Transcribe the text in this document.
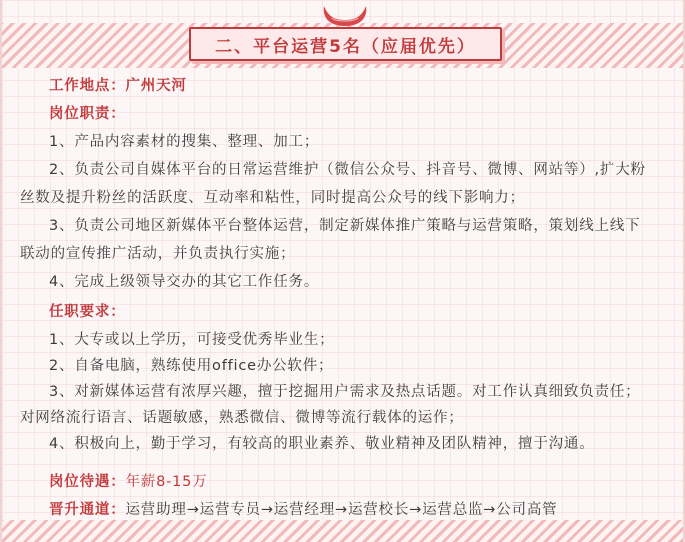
二、平台运营5名（应届优先）
工作地点：广州天河
岗位职责：
1、产品内容素材的搜集、整理、加工；
2、负责公司自媒体平台的日常运营维护（微信公众号、抖音号、微博、网站等）,扩大粉
丝数及提升粉丝的活跃度、互动率和粘性，同时提高公众号的线下影响力；
3、负责公司地区新媒体平台整体运营，制定新媒体推广策略与运营策略，策划线上线下
联动的宣传推广活动，并负责执行实施；
4、完成上级领导交办的其它工作任务。
任职要求：
1、大专或以上学历，可接受优秀毕业生；
2、自备电脑，熟练使用office办公软件；
3、对新媒体运营有浓厚兴趣，擅于挖掘用户需求及热点话题。对工作认真细致负责任；
对网络流行语言、话题敏感，熟悉微信、微博等流行载体的运作；
4、积极向上，勤于学习，有较高的职业素养、敬业精神及团队精神，擅于沟通。
岗位待遇：年薪8-15万
晋升通道：运营助理→运营专员→运营经理→运营校长→运营总监→公司高管
